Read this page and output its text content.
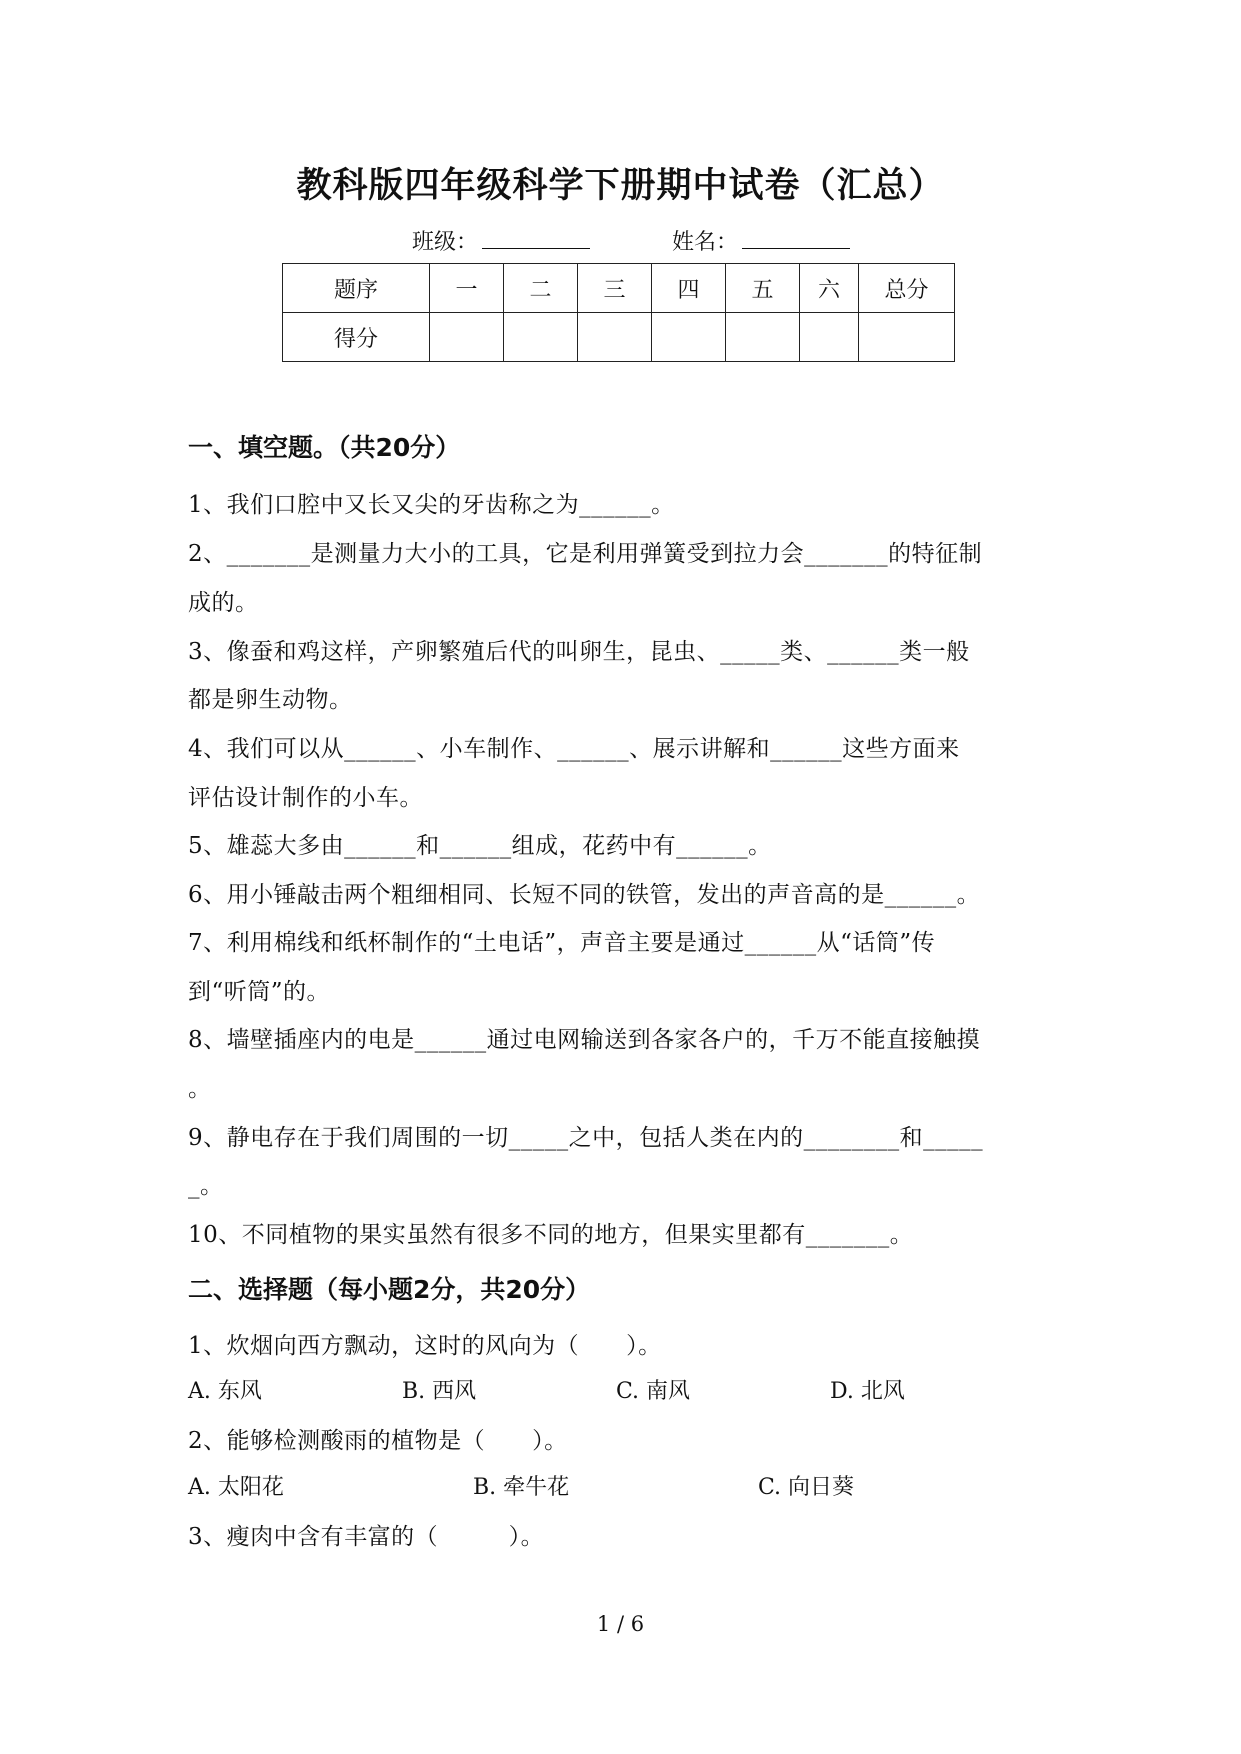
教科版四年级科学下册期中试卷（汇总）
班级：	姓名：
题序	一	二	三	四	五	六	总分
得分							
一、填空题。（共20分）
1、我们口腔中又长又尖的牙齿称之为______。
2、_______是测量力大小的工具，它是利用弹簧受到拉力会_______的特征制
成的。
3、像蚕和鸡这样，产卵繁殖后代的叫卵生，昆虫、_____类、______类一般
都是卵生动物。
4、我们可以从______、小车制作、______、展示讲解和______这些方面来
评估设计制作的小车。
5、雄蕊大多由______和______组成，花药中有______。
6、用小锤敲击两个粗细相同、长短不同的铁管，发出的声音高的是______。
7、利用棉线和纸杯制作的“土电话”，声音主要是通过______从“话筒”传
到“听筒”的。
8、墙壁插座内的电是______通过电网输送到各家各户的，千万不能直接触摸
。
9、静电存在于我们周围的一切_____之中，包括人类在内的________和_____
_。
10、不同植物的果实虽然有很多不同的地方，但果实里都有_______。
二、选择题（每小题2分，共20分）
1、炊烟向西方飘动，这时的风向为（　　）。
A. 东风	B. 西风	C. 南风	D. 北风
2、能够检测酸雨的植物是（　　）。
A. 太阳花	B. 牵牛花	C. 向日葵
3、瘦肉中含有丰富的（　　　）。
1 / 6
